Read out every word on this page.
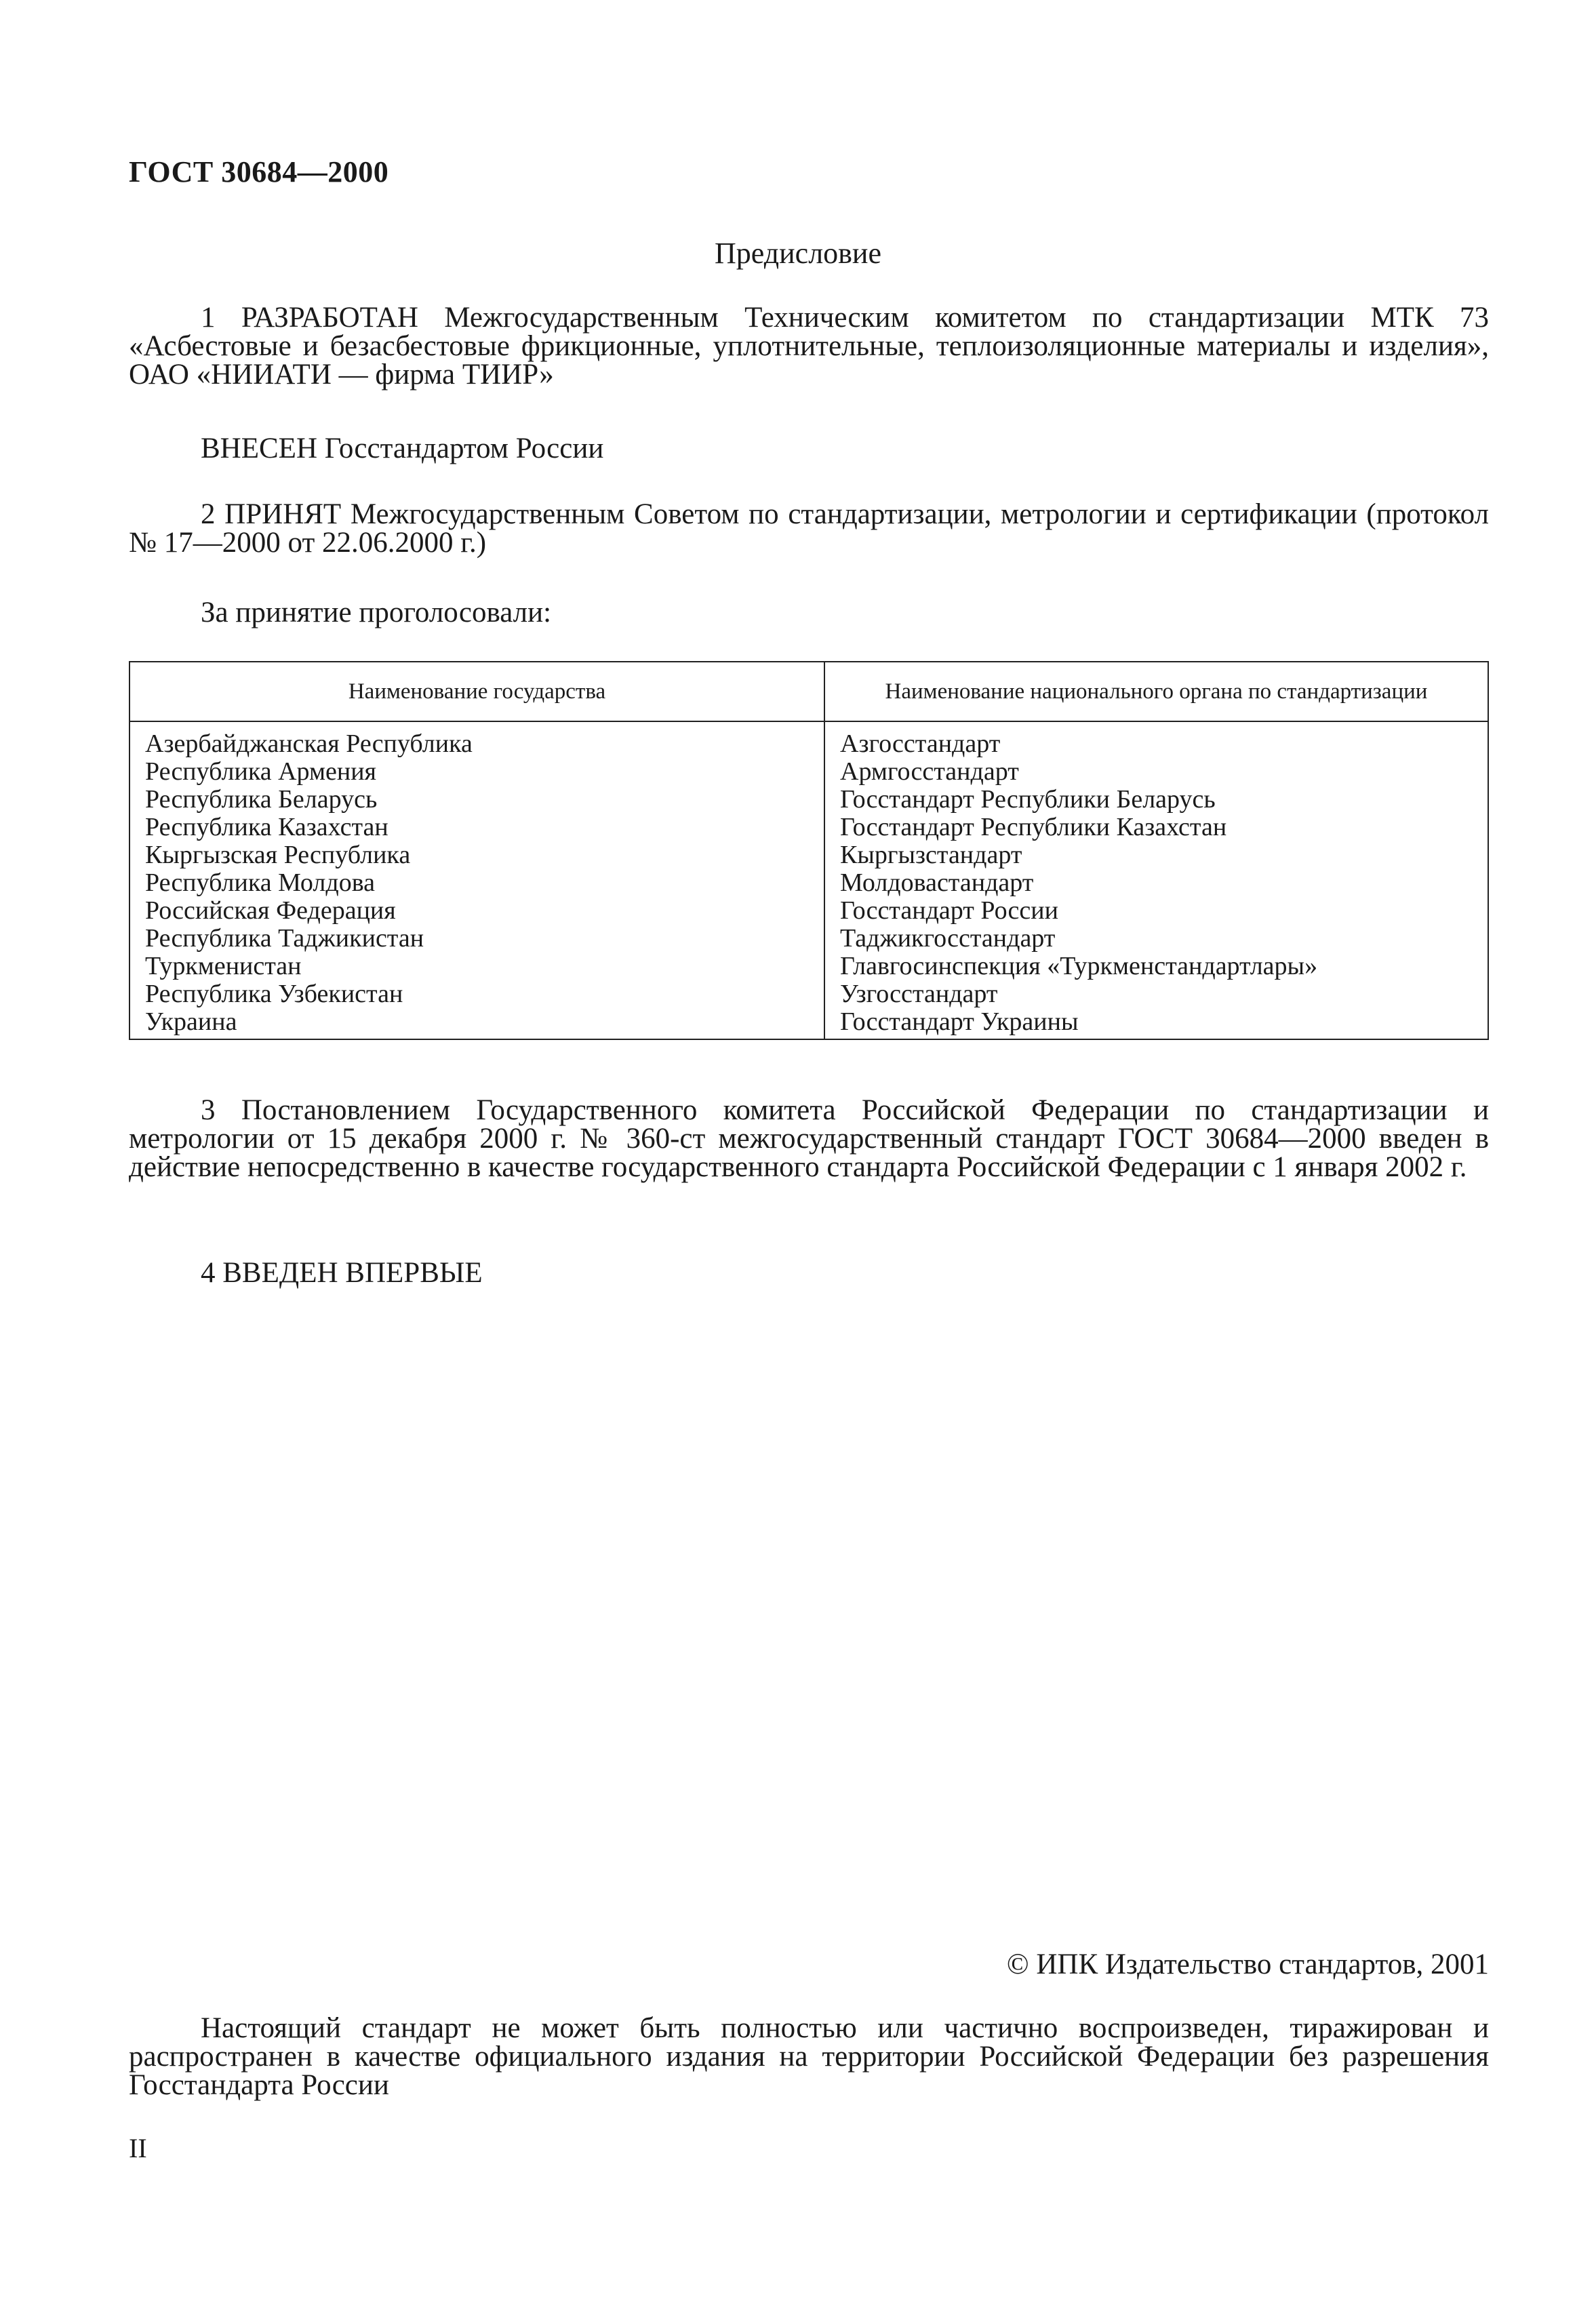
ГОСТ 30684—2000
Предисловие
1 РАЗРАБОТАН Межгосударственным Техническим комитетом по стандартизации МТК 73 «Асбестовые и безасбестовые фрикционные, уплотнительные, теплоизоляционные материалы и изделия», ОАО «НИИАТИ — фирма ТИИР»
ВНЕСЕН Госстандартом России
2 ПРИНЯТ Межгосударственным Советом по стандартизации, метрологии и сертификации (протокол № 17—2000 от 22.06.2000 г.)
За принятие проголосовали:
Наименование государства	Наименование национального органа по стандартизации
Азербайджанская Республика	Азгосстандарт
Республика Армения	Армгосстандарт
Республика Беларусь	Госстандарт Республики Беларусь
Республика Казахстан	Госстандарт Республики Казахстан
Кыргызская Республика	Кыргызстандарт
Республика Молдова	Молдовастандарт
Российская Федерация	Госстандарт России
Республика Таджикистан	Таджикгосстандарт
Туркменистан	Главгосинспекция «Туркменстандартлары»
Республика Узбекистан	Узгосстандарт
Украина	Госстандарт Украины
3 Постановлением Государственного комитета Российской Федерации по стандартизации и метрологии от 15 декабря 2000 г. № 360-ст межгосударственный стандарт ГОСТ 30684—2000 введен в действие непосредственно в качестве государственного стандарта Российской Федерации с 1 января 2002 г.
4 ВВЕДЕН ВПЕРВЫЕ
© ИПК Издательство стандартов, 2001
Настоящий стандарт не может быть полностью или частично воспроизведен, тиражирован и распространен в качестве официального издания на территории Российской Федерации без разрешения Госстандарта России
II
